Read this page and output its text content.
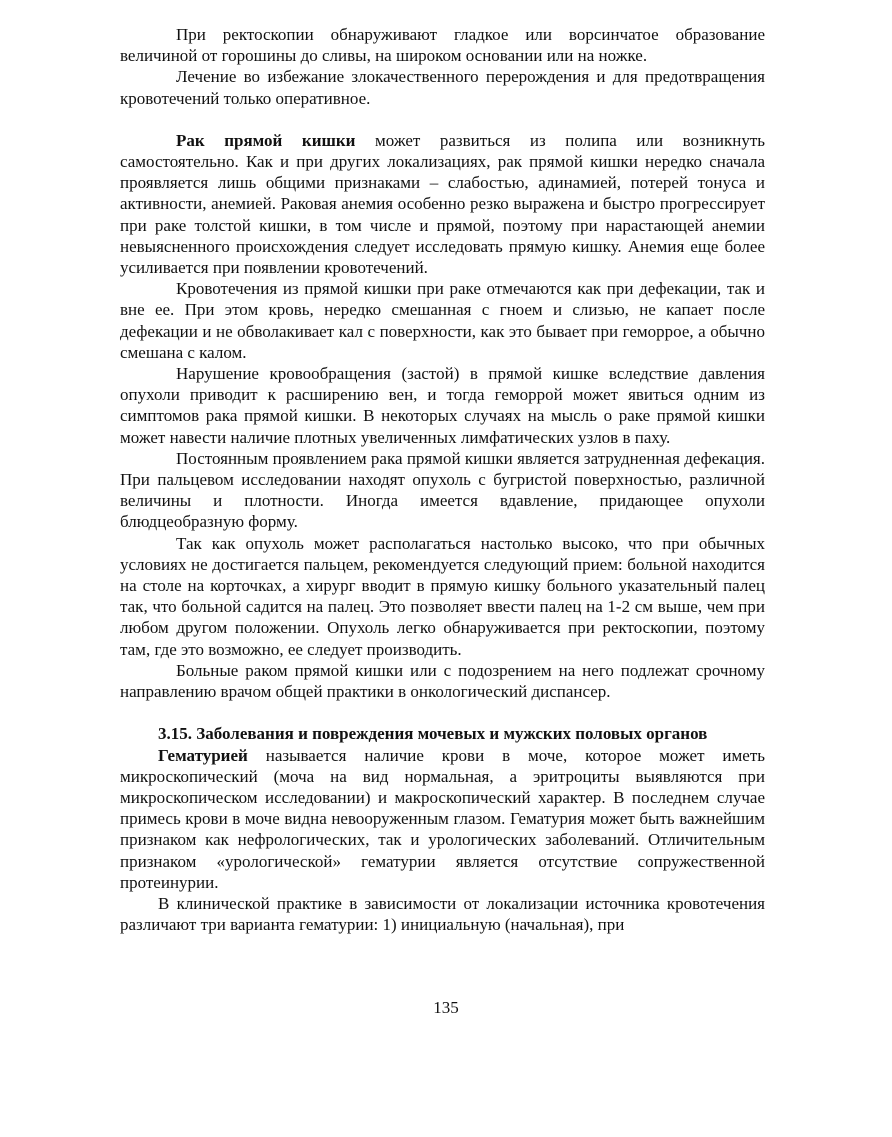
При ректоскопии обнаруживают гладкое или ворсинчатое образование величиной от горошины до сливы, на широком основании или на ножке.

Лечение во избежание злокачественного перерождения и для предотвращения кровотечений только оперативное.

Рак прямой кишки может развиться из полипа или возникнуть самостоятельно. Как и при других локализациях, рак прямой кишки нередко сначала проявляется лишь общими признаками – слабостью, адинамией, потерей тонуса и активности, анемией. Раковая анемия особенно резко выражена и быстро прогрессирует при раке толстой кишки, в том числе и прямой, поэтому при нарастающей анемии невыясненного происхождения следует исследовать прямую кишку. Анемия еще более усиливается при появлении кровотечений.

Кровотечения из прямой кишки при раке отмечаются как при дефекации, так и вне ее. При этом кровь, нередко смешанная с гноем и слизью, не капает после дефекации и не обволакивает кал с поверхности, как это бывает при геморрое, а обычно смешана с калом.

Нарушение кровообращения (застой) в прямой кишке вследствие давления опухоли приводит к расширению вен, и тогда геморрой может явиться одним из симптомов рака прямой кишки. В некоторых случаях на мысль о раке прямой кишки может навести наличие плотных увеличенных лимфатических узлов в паху.

Постоянным проявлением рака прямой кишки является затрудненная дефекация. При пальцевом исследовании находят опухоль с бугристой поверхностью, различной величины и плотности. Иногда имеется вдавление, придающее опухоли блюдцеобразную форму.

Так как опухоль может располагаться настолько высоко, что при обычных условиях не достигается пальцем, рекомендуется следующий прием: больной находится на столе на корточках, а хирург вводит в прямую кишку больного указательный палец так, что больной садится на палец. Это позволяет ввести палец на 1-2 см выше, чем при любом другом положении. Опухоль легко обнаруживается при ректоскопии, поэтому там, где это возможно, ее следует производить.

Больные раком прямой кишки или с подозрением на него подлежат срочному направлению врачом общей практики в онкологический диспансер.

3.15. Заболевания и повреждения мочевых и мужских половых органов

Гематурией называется наличие крови в моче, которое может иметь микроскопический (моча на вид нормальная, а эритроциты выявляются при микроскопическом исследовании) и макроскопический характер. В последнем случае примесь крови в моче видна невооруженным глазом. Гематурия может быть важнейшим признаком как нефрологических, так и урологических заболеваний. Отличительным признаком «урологической» гематурии является отсутствие сопружественной протеинурии.

В клинической практике в зависимости от локализации источника кровотечения различают три варианта гематурии: 1) инициальную (начальная), при

135
